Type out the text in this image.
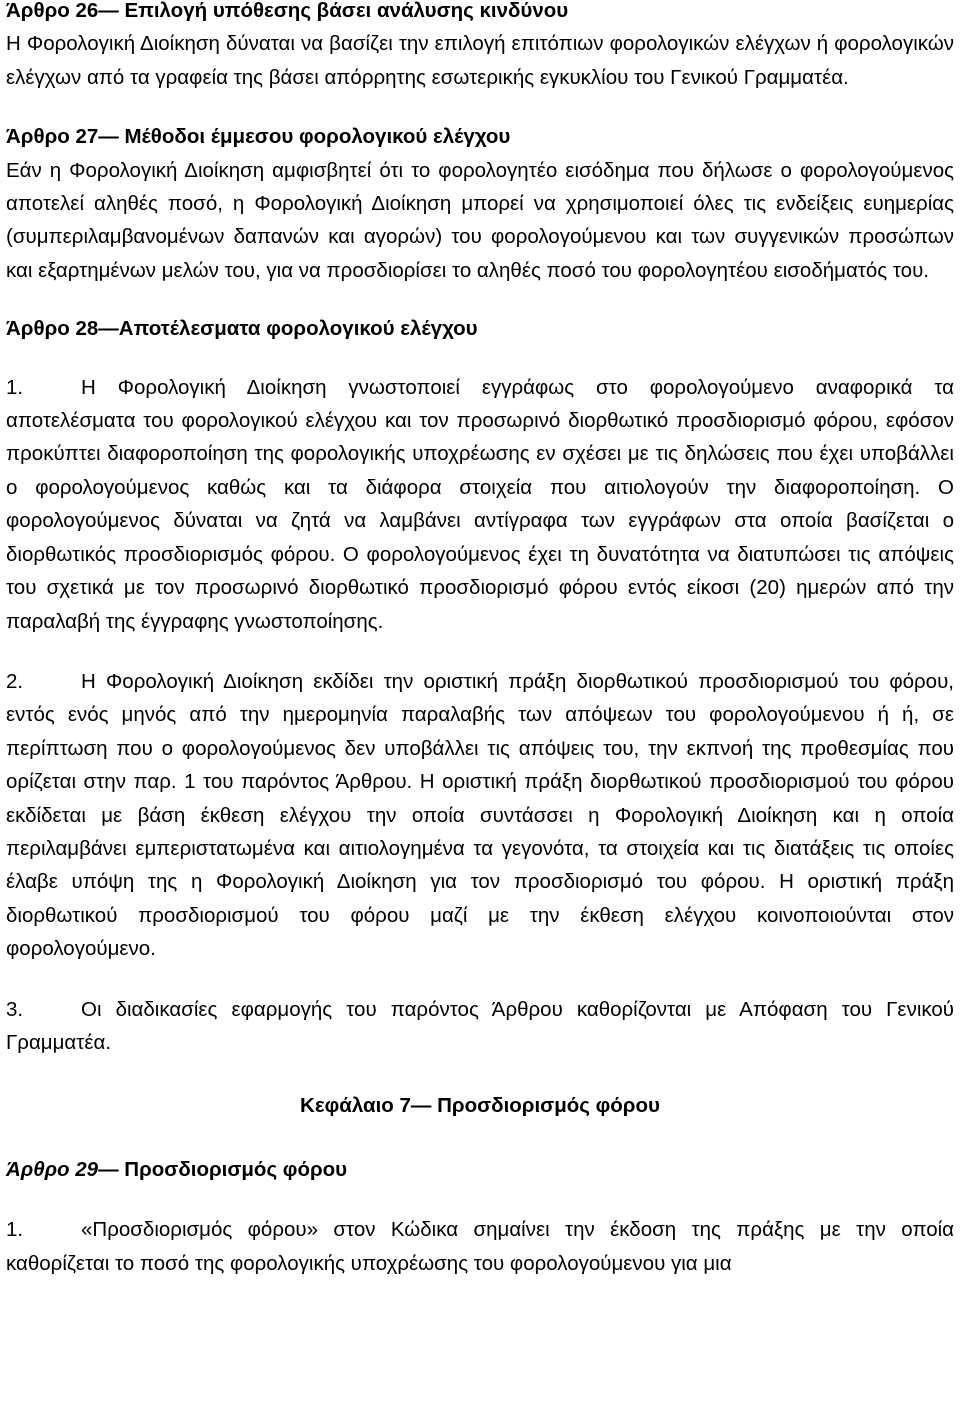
Άρθρο 26— Επιλογή υπόθεσης βάσει ανάλυσης κινδύνου

Η Φορολογική Διοίκηση δύναται να βασίζει την επιλογή επιτόπιων φορολογικών ελέγχων ή φορολογικών ελέγχων από τα γραφεία της βάσει απόρρητης εσωτερικής εγκυκλίου του Γενικού Γραμματέα.

Άρθρο 27— Μέθοδοι έμμεσου φορολογικού ελέγχου

Εάν η Φορολογική Διοίκηση αμφισβητεί ότι το φορολογητέο εισόδημα που δήλωσε ο φορολογούμενος αποτελεί αληθές ποσό, η Φορολογική Διοίκηση μπορεί να χρησιμοποιεί όλες τις ενδείξεις ευημερίας (συμπεριλαμβανομένων δαπανών και αγορών) του φορολογούμενου και των συγγενικών προσώπων και εξαρτημένων μελών του, για να προσδιορίσει το αληθές ποσό του φορολογητέου εισοδήματός του.

Άρθρο 28—Αποτέλεσματα φορολογικού ελέγχου

1.	Η Φορολογική Διοίκηση γνωστοποιεί εγγράφως στο φορολογούμενο αναφορικά τα αποτελέσματα του φορολογικού ελέγχου και τον προσωρινό διορθωτικό προσδιορισμό φόρου, εφόσον προκύπτει διαφοροποίηση της φορολογικής υποχρέωσης εν σχέσει με τις δηλώσεις που έχει υποβάλλει ο φορολογούμενος καθώς και τα διάφορα στοιχεία που αιτιολογούν την διαφοροποίηση. Ο φορολογούμενος δύναται να ζητά να λαμβάνει αντίγραφα των εγγράφων στα οποία βασίζεται ο διορθωτικός προσδιορισμός φόρου. Ο φορολογούμενος έχει τη δυνατότητα να διατυπώσει τις απόψεις του σχετικά με τον προσωρινό διορθωτικό προσδιορισμό φόρου εντός είκοσι (20) ημερών από την παραλαβή της έγγραφης γνωστοποίησης.

2.	Η Φορολογική Διοίκηση εκδίδει την οριστική πράξη διορθωτικού προσδιορισμού του φόρου, εντός ενός μηνός από την ημερομηνία παραλαβής των απόψεων του φορολογούμενου ή ή, σε περίπτωση που ο φορολογούμενος δεν υποβάλλει τις απόψεις του, την εκπνοή της προθεσμίας που ορίζεται στην παρ. 1 του παρόντος Άρθρου. Η οριστική πράξη διορθωτικού προσδιορισμού του φόρου εκδίδεται με βάση έκθεση ελέγχου την οποία συντάσσει η Φορολογική Διοίκηση και η οποία περιλαμβάνει εμπεριστατωμένα και αιτιολογημένα τα γεγονότα, τα στοιχεία και τις διατάξεις τις οποίες έλαβε υπόψη της η Φορολογική Διοίκηση για τον προσδιορισμό του φόρου. Η οριστική πράξη διορθωτικού προσδιορισμού του φόρου μαζί με την έκθεση ελέγχου κοινοποιούνται στον φορολογούμενο.

3.	Οι διαδικασίες εφαρμογής του παρόντος Άρθρου καθορίζονται με Απόφαση του Γενικού Γραμματέα.

Κεφάλαιο 7— Προσδιορισμός φόρου

Άρθρο 29— Προσδιορισμός φόρου

1.	«Προσδιορισμός φόρου» στον Κώδικα σημαίνει την έκδοση της πράξης με την οποία καθορίζεται το ποσό της φορολογικής υποχρέωσης του φορολογούμενου για μια
